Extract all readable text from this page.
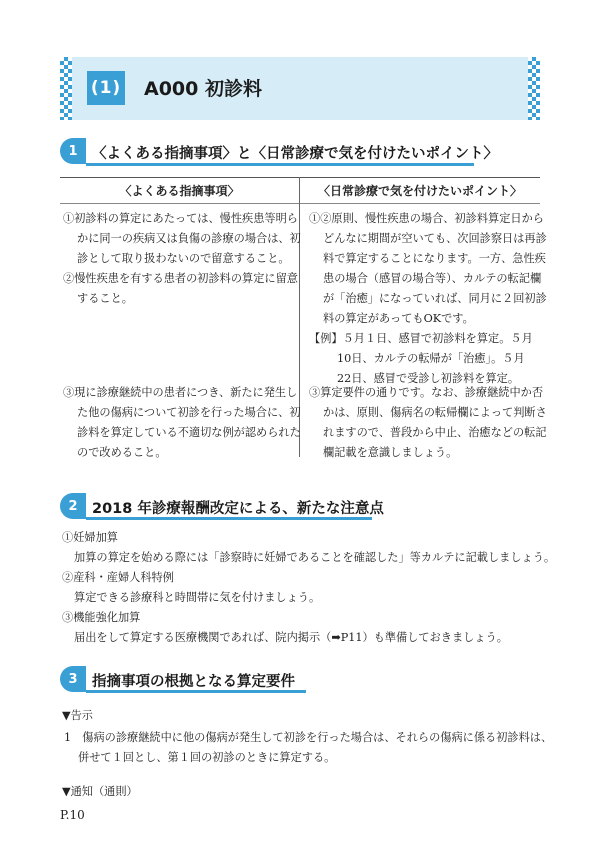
(1) A000 初診料
1 〈よくある指摘事項〉と〈日常診療で気を付けたいポイント〉
〈よくある指摘事項〉	〈日常診療で気を付けたいポイント〉

①初診料の算定にあたっては、慢性疾患等明ら

かに同一の疾病又は負傷の診療の場合は、初

診として取り扱わないので留意すること。

②慢性疾患を有する患者の初診料の算定に留意

すること。

③現に診療継続中の患者につき、新たに発生し

た他の傷病について初診を行った場合に、初

診料を算定している不適切な例が認められた

ので改めること。

①②原則、慢性疾患の場合、初診料算定日から

どんなに期間が空いても、次回診察日は再診

料で算定することになります。一方、急性疾

患の場合（感冒の場合等）、カルテの転記欄

が「治癒」になっていれば、同月に２回初診

料の算定があってもOKです。

【例】５月１日、感冒で初診料を算定。５月

10日、カルテの転帰が「治癒」。５月

22日、感冒で受診し初診料を算定。

③算定要件の通りです。なお、診療継続中か否

かは、原則、傷病名の転帰欄によって判断さ

れますので、普段から中止、治癒などの転記

欄記載を意識しましょう。

2 2018 年診療報酬改定による、新たな注意点
①妊婦加算
加算の算定を始める際には「診察時に妊婦であることを確認した」等カルテに記載しましょう。
②産科・産婦人科特例
算定できる診療科と時間帯に気を付けましょう。
③機能強化加算
届出をして算定する医療機関であれば、院内掲示（➡P11）も準備しておきましょう。
3 指摘事項の根拠となる算定要件
▼告示
1　傷病の診療継続中に他の傷病が発生して初診を行った場合は、それらの傷病に係る初診料は、
併せて１回とし、第１回の初診のときに算定する。
▼通知（通則）
P.10
